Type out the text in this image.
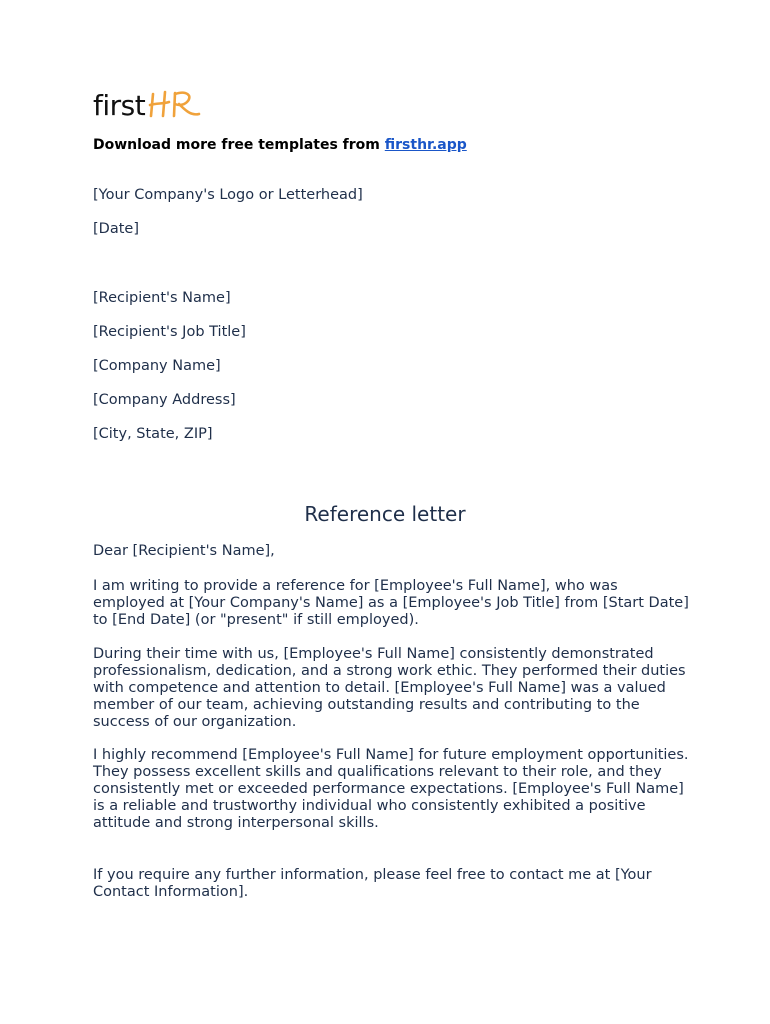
first
Download more free templates from firsthr.app
[Your Company's Logo or Letterhead]
[Date]
[Recipient's Name]
[Recipient's Job Title]
[Company Name]
[Company Address]
[City, State, ZIP]
Reference letter
Dear [Recipient's Name],

I am writing to provide a reference for [Employee's Full Name], who was employed at [Your Company's Name] as a [Employee's Job Title] from [Start Date] to [End Date] (or "present" if still employed).

During their time with us, [Employee's Full Name] consistently demonstrated professionalism, dedication, and a strong work ethic. They performed their duties with competence and attention to detail. [Employee's Full Name] was a valued member of our team, achieving outstanding results and contributing to the success of our organization.

I highly recommend [Employee's Full Name] for future employment opportunities. They possess excellent skills and qualifications relevant to their role, and they consistently met or exceeded performance expectations. [Employee's Full Name] is a reliable and trustworthy individual who consistently exhibited a positive attitude and strong interpersonal skills.

If you require any further information, please feel free to contact me at [Your Contact Information].
